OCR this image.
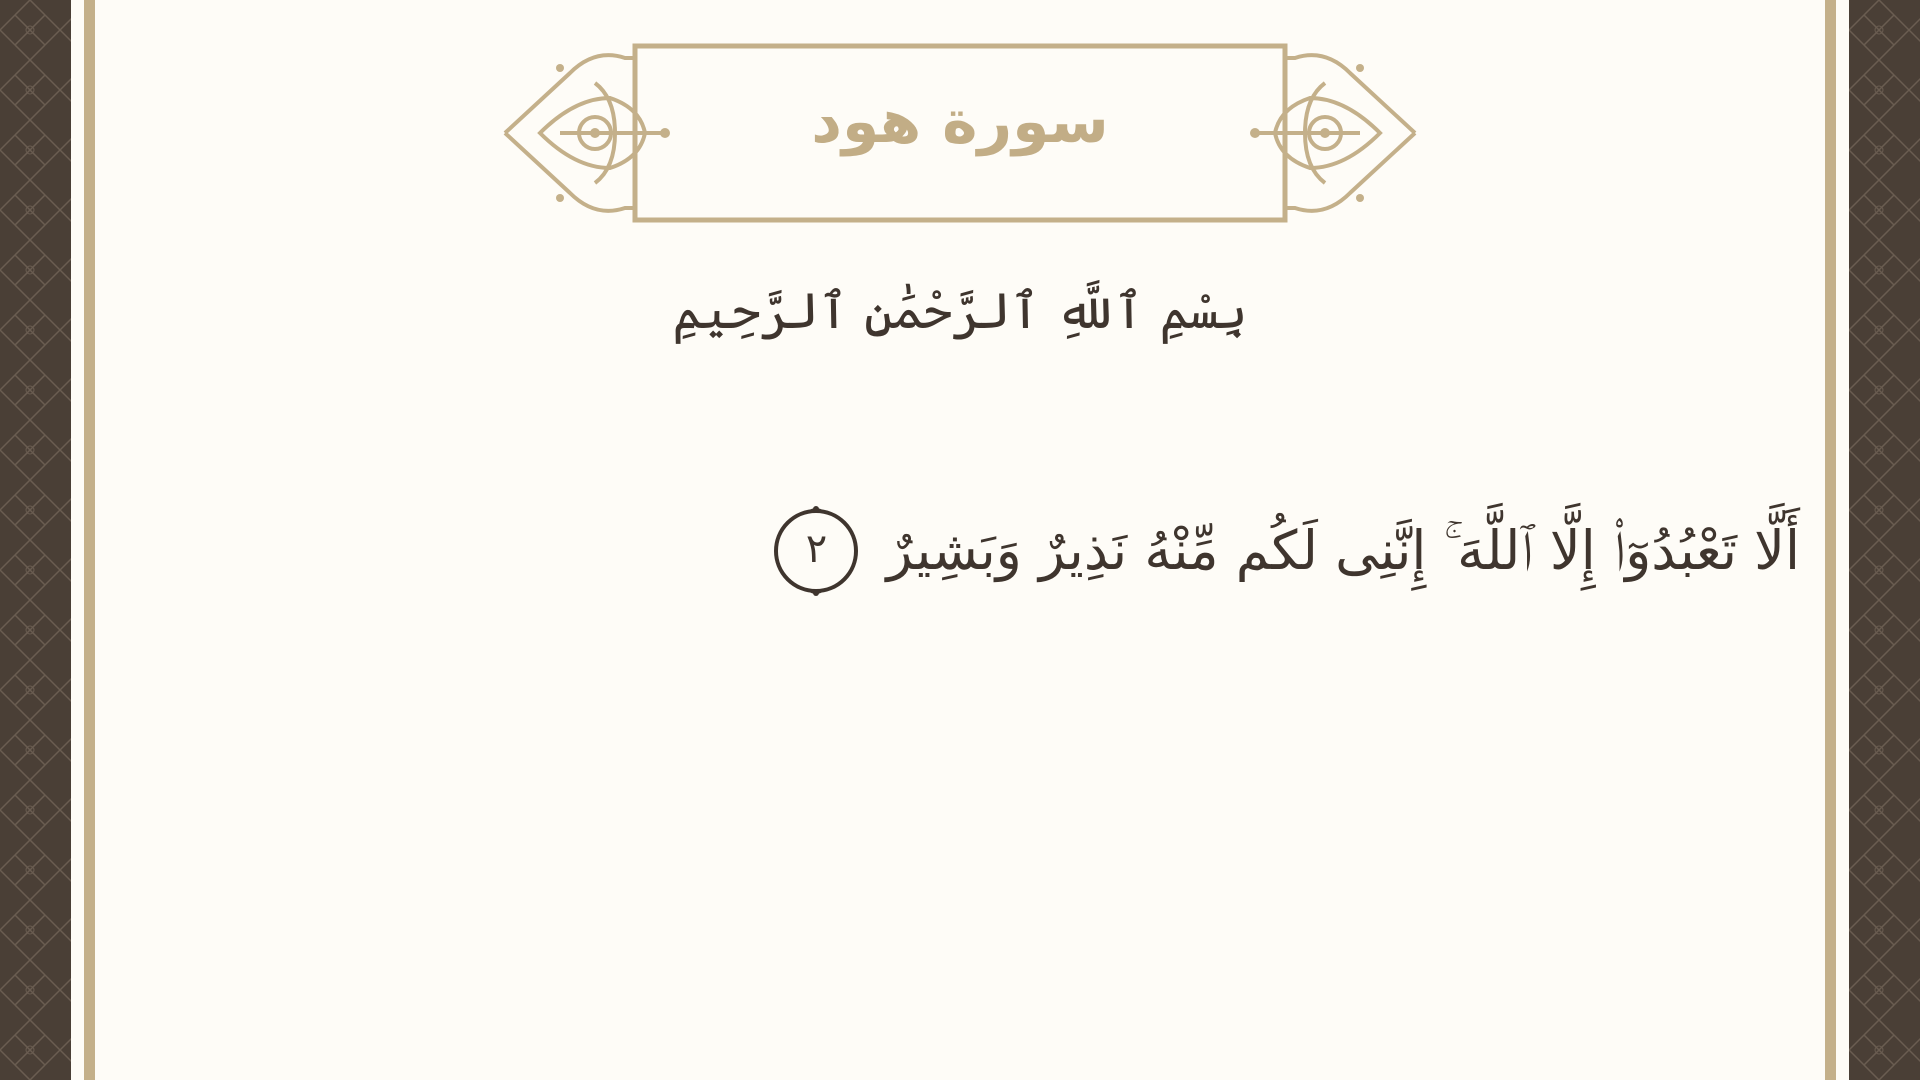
سورة هود
بِسْمِ ٱللَّهِ ٱلرَّحْمَٰنِ ٱلرَّحِيمِ
أَلَّا تَعْبُدُوٓا۟ إِلَّا ٱللَّهَ ۚ إِنَّنِى لَكُم مِّنْهُ نَذِيرٌ وَبَشِيرٌ
٢
